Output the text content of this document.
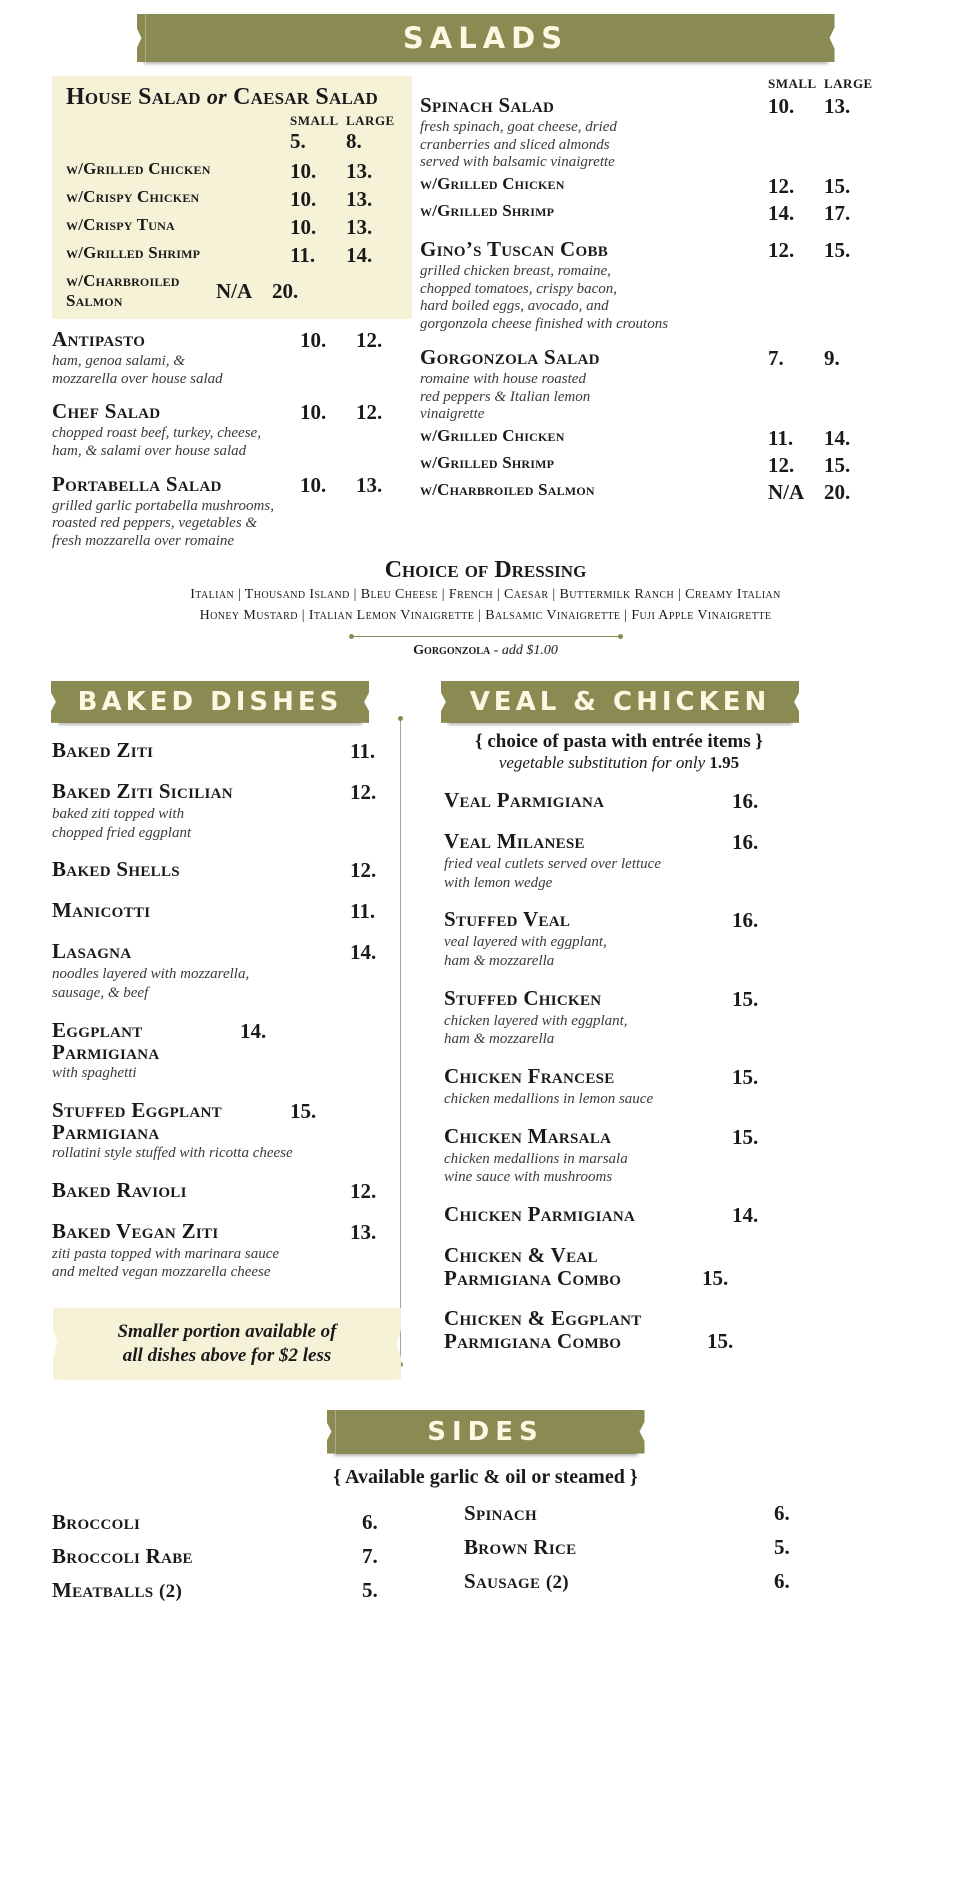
SALADS
House Salad or Caesar Salad
SMALL LARGE
5.	8.
w/Grilled Chicken	10.	13.
w/Crispy Chicken	10.	13.
w/Crispy Tuna	10.	13.
w/Grilled Shrimp	11.	14.
w/Charbroiled Salmon	N/A 20.
Antipasto	10.	12.
ham, genoa salami, &
mozzarella over house salad
Chef Salad	10.	12.
chopped roast beef, turkey, cheese,
ham, & salami over house salad
Portabella Salad	10.	13.
grilled garlic portabella mushrooms,
roasted red peppers, vegetables &
fresh mozzarella over romaine
SMALL LARGE
Spinach Salad	10.	13.
fresh spinach, goat cheese, dried
cranberries and sliced almonds
served with balsamic vinaigrette
w/Grilled Chicken	12.	15.
w/Grilled Shrimp	14.	17.
Gino’s Tuscan Cobb	12.	15.
grilled chicken breast, romaine,
chopped tomatoes, crispy bacon,
hard boiled eggs, avocado, and
gorgonzola cheese finished with croutons
Gorgonzola Salad	7.	9.
romaine with house roasted
red peppers & Italian lemon
vinaigrette
w/Grilled Chicken	11.	14.
w/Grilled Shrimp	12.	15.
w/Charbroiled Salmon	N/A 20.
Choice of Dressing
Italian | Thousand Island | Bleu Cheese | French | Caesar | Buttermilk Ranch | Creamy Italian
Honey Mustard | Italian Lemon Vinaigrette | Balsamic Vinaigrette | Fuji Apple Vinaigrette
Gorgonzola - add $1.00
BAKED DISHES
Baked Ziti	11.
Baked Ziti Sicilian	12.
baked ziti topped with
chopped fried eggplant
Baked Shells	12.
Manicotti	11.
Lasagna	14.
noodles layered with mozzarella,
sausage, & beef
Eggplant Parmigiana
14.
with spaghetti
Stuffed Eggplant Parmigiana
15.
rollatini style stuffed with ricotta cheese
Baked Ravioli	12.
Baked Vegan Ziti	13.
ziti pasta topped with marinara sauce
and melted vegan mozzarella cheese
Smaller portion available of
all dishes above for $2 less
VEAL & CHICKEN
{ choice of pasta with entrée items }
vegetable substitution for only 1.95
Veal Parmigiana	16.
Veal Milanese	16.
fried veal cutlets served over lettuce
with lemon wedge
Stuffed Veal	16.
veal layered with eggplant,
ham & mozzarella
Stuffed Chicken	15.
chicken layered with eggplant,
ham & mozzarella
Chicken Francese	15.
chicken medallions in lemon sauce
Chicken Marsala	15.
chicken medallions in marsala
wine sauce with mushrooms
Chicken Parmigiana	14.
Chicken & Veal Parmigiana Combo	15.
Chicken & Eggplant Parmigiana Combo	15.
SIDES
{ Available garlic & oil or steamed }
Broccoli	6.
Broccoli Rabe	7.
Meatballs (2)	5.
Spinach	6.
Brown Rice	5.
Sausage (2)	6.
